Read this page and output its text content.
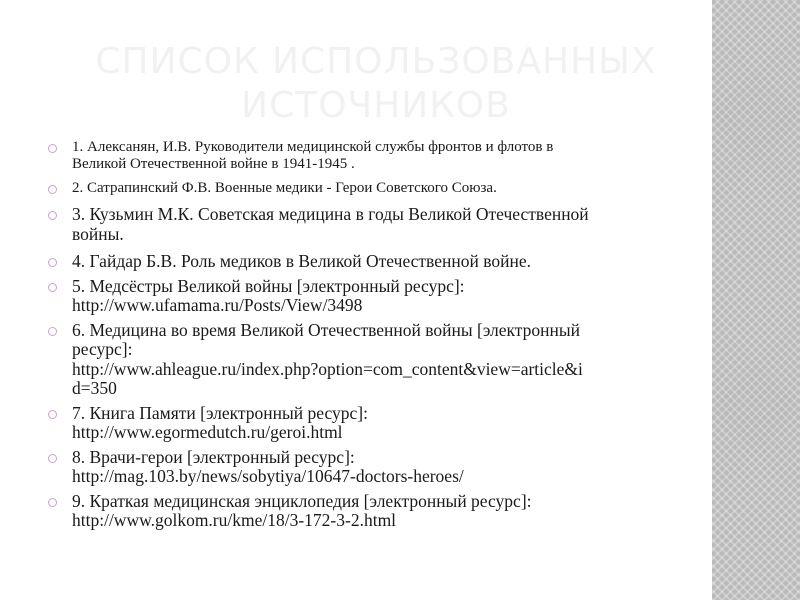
СПИСОК ИСПОЛЬЗОВАННЫХ
ИСТОЧНИКОВ
1. Алексанян, И.В. Руководители медицинской службы фронтов и флотов в
Великой Отечественной войне в 1941-1945 .
2. Сатрапинский Ф.В. Военные медики - Герои Советского Союза.
3. Кузьмин М.К. Советская медицина в годы Великой Отечественной
войны.
4. Гайдар Б.В. Роль медиков в Великой Отечественной войне.
5. Медсёстры Великой войны [электронный ресурс]:
http://www.ufamama.ru/Posts/View/3498
6. Медицина во время Великой Отечественной войны [электронный
ресурс]:
http://www.ahleague.ru/index.php?option=com_content&view=article&i
d=350
7. Книга Памяти [электронный ресурс]:
http://www.egormedutch.ru/geroi.html
8. Врачи-герои [электронный ресурс]:
http://mag.103.by/news/sobytiya/10647-doctors-heroes/
9. Краткая медицинская энциклопедия [электронный ресурс]:
http://www.golkom.ru/kme/18/3-172-3-2.html
